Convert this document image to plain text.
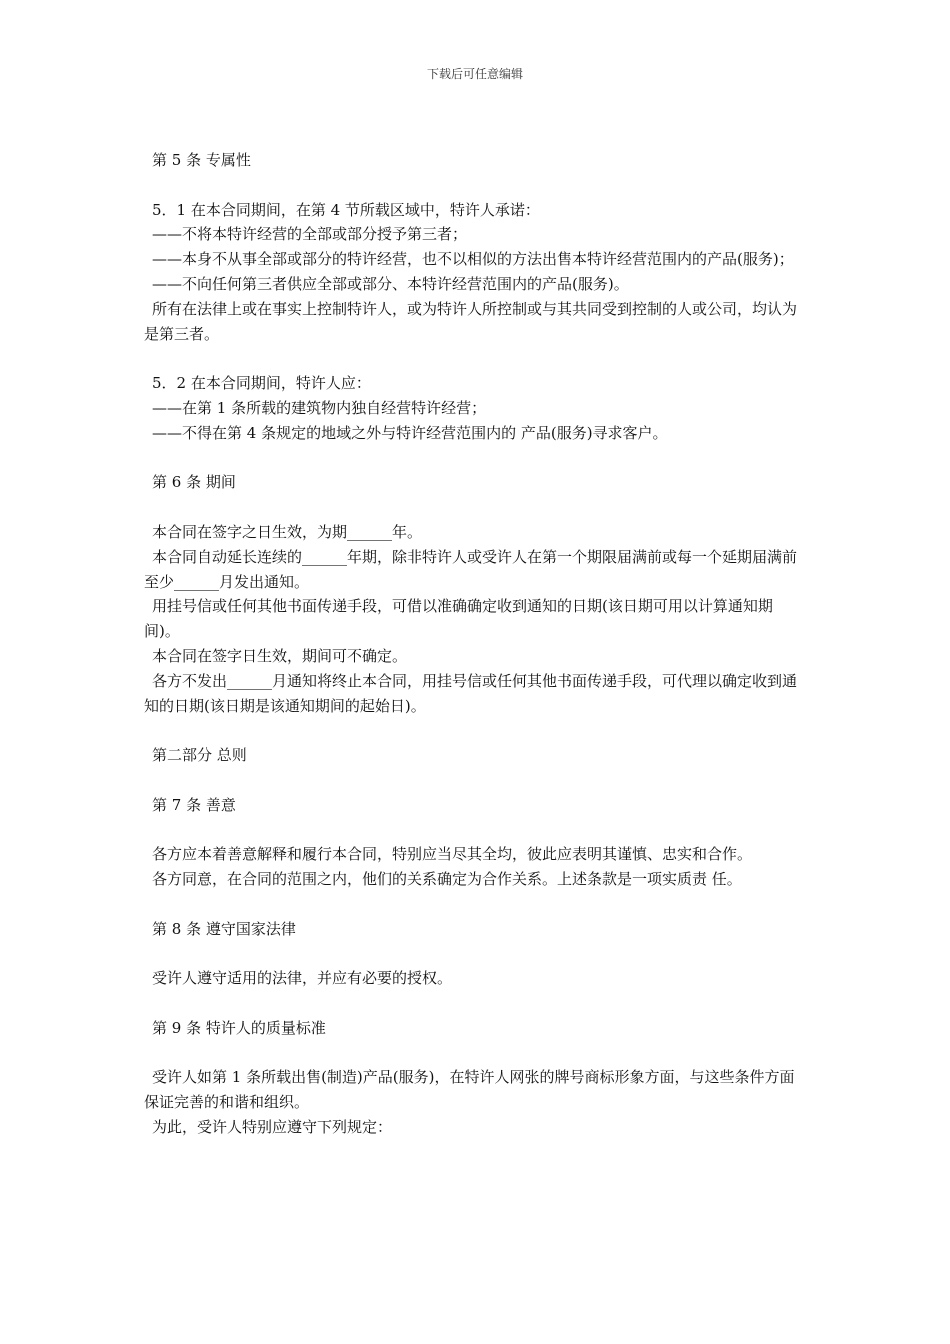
下载后可任意编辑

第 5 条 专属性

5．1 在本合同期间，在第 4 节所载区域中，特许人承诺：

——不将本特许经营的全部或部分授予第三者；

——本身不从事全部或部分的特许经营，也不以相似的方法出售本特许经营范围内的产品(服务)；

——不向任何第三者供应全部或部分、本特许经营范围内的产品(服务)。

所有在法律上或在事实上控制特许人，或为特许人所控制或与其共同受到控制的人或公司，均认为是第三者。

5．2 在本合同期间，特许人应：

——在第 1 条所载的建筑物内独自经营特许经营；

——不得在第 4 条规定的地域之外与特许经营范围内的 产品(服务)寻求客户。

第 6 条 期间

本合同在签字之日生效，为期______年。

本合同自动延长连续的______年期，除非特许人或受许人在第一个期限届满前或每一个延期届满前至少______月发出通知。

用挂号信或任何其他书面传递手段，可借以准确确定收到通知的日期(该日期可用以计算通知期间)。

本合同在签字日生效，期间可不确定。

各方不发出______月通知将终止本合同，用挂号信或任何其他书面传递手段，可代理以确定收到通知的日期(该日期是该通知期间的起始日)。

第二部分 总则

第 7 条 善意

各方应本着善意解释和履行本合同，特别应当尽其全均，彼此应表明其谨慎、忠实和合作。

各方同意，在合同的范围之内，他们的关系确定为合作关系。上述条款是一项实质责 任。

第 8 条 遵守国家法律

受许人遵守适用的法律，并应有必要的授权。

第 9 条 特许人的质量标准

受许人如第 1 条所载出售(制造)产品(服务)，在特许人网张的牌号商标形象方面，与这些条件方面保证完善的和谐和组织。

为此，受许人特别应遵守下列规定：
